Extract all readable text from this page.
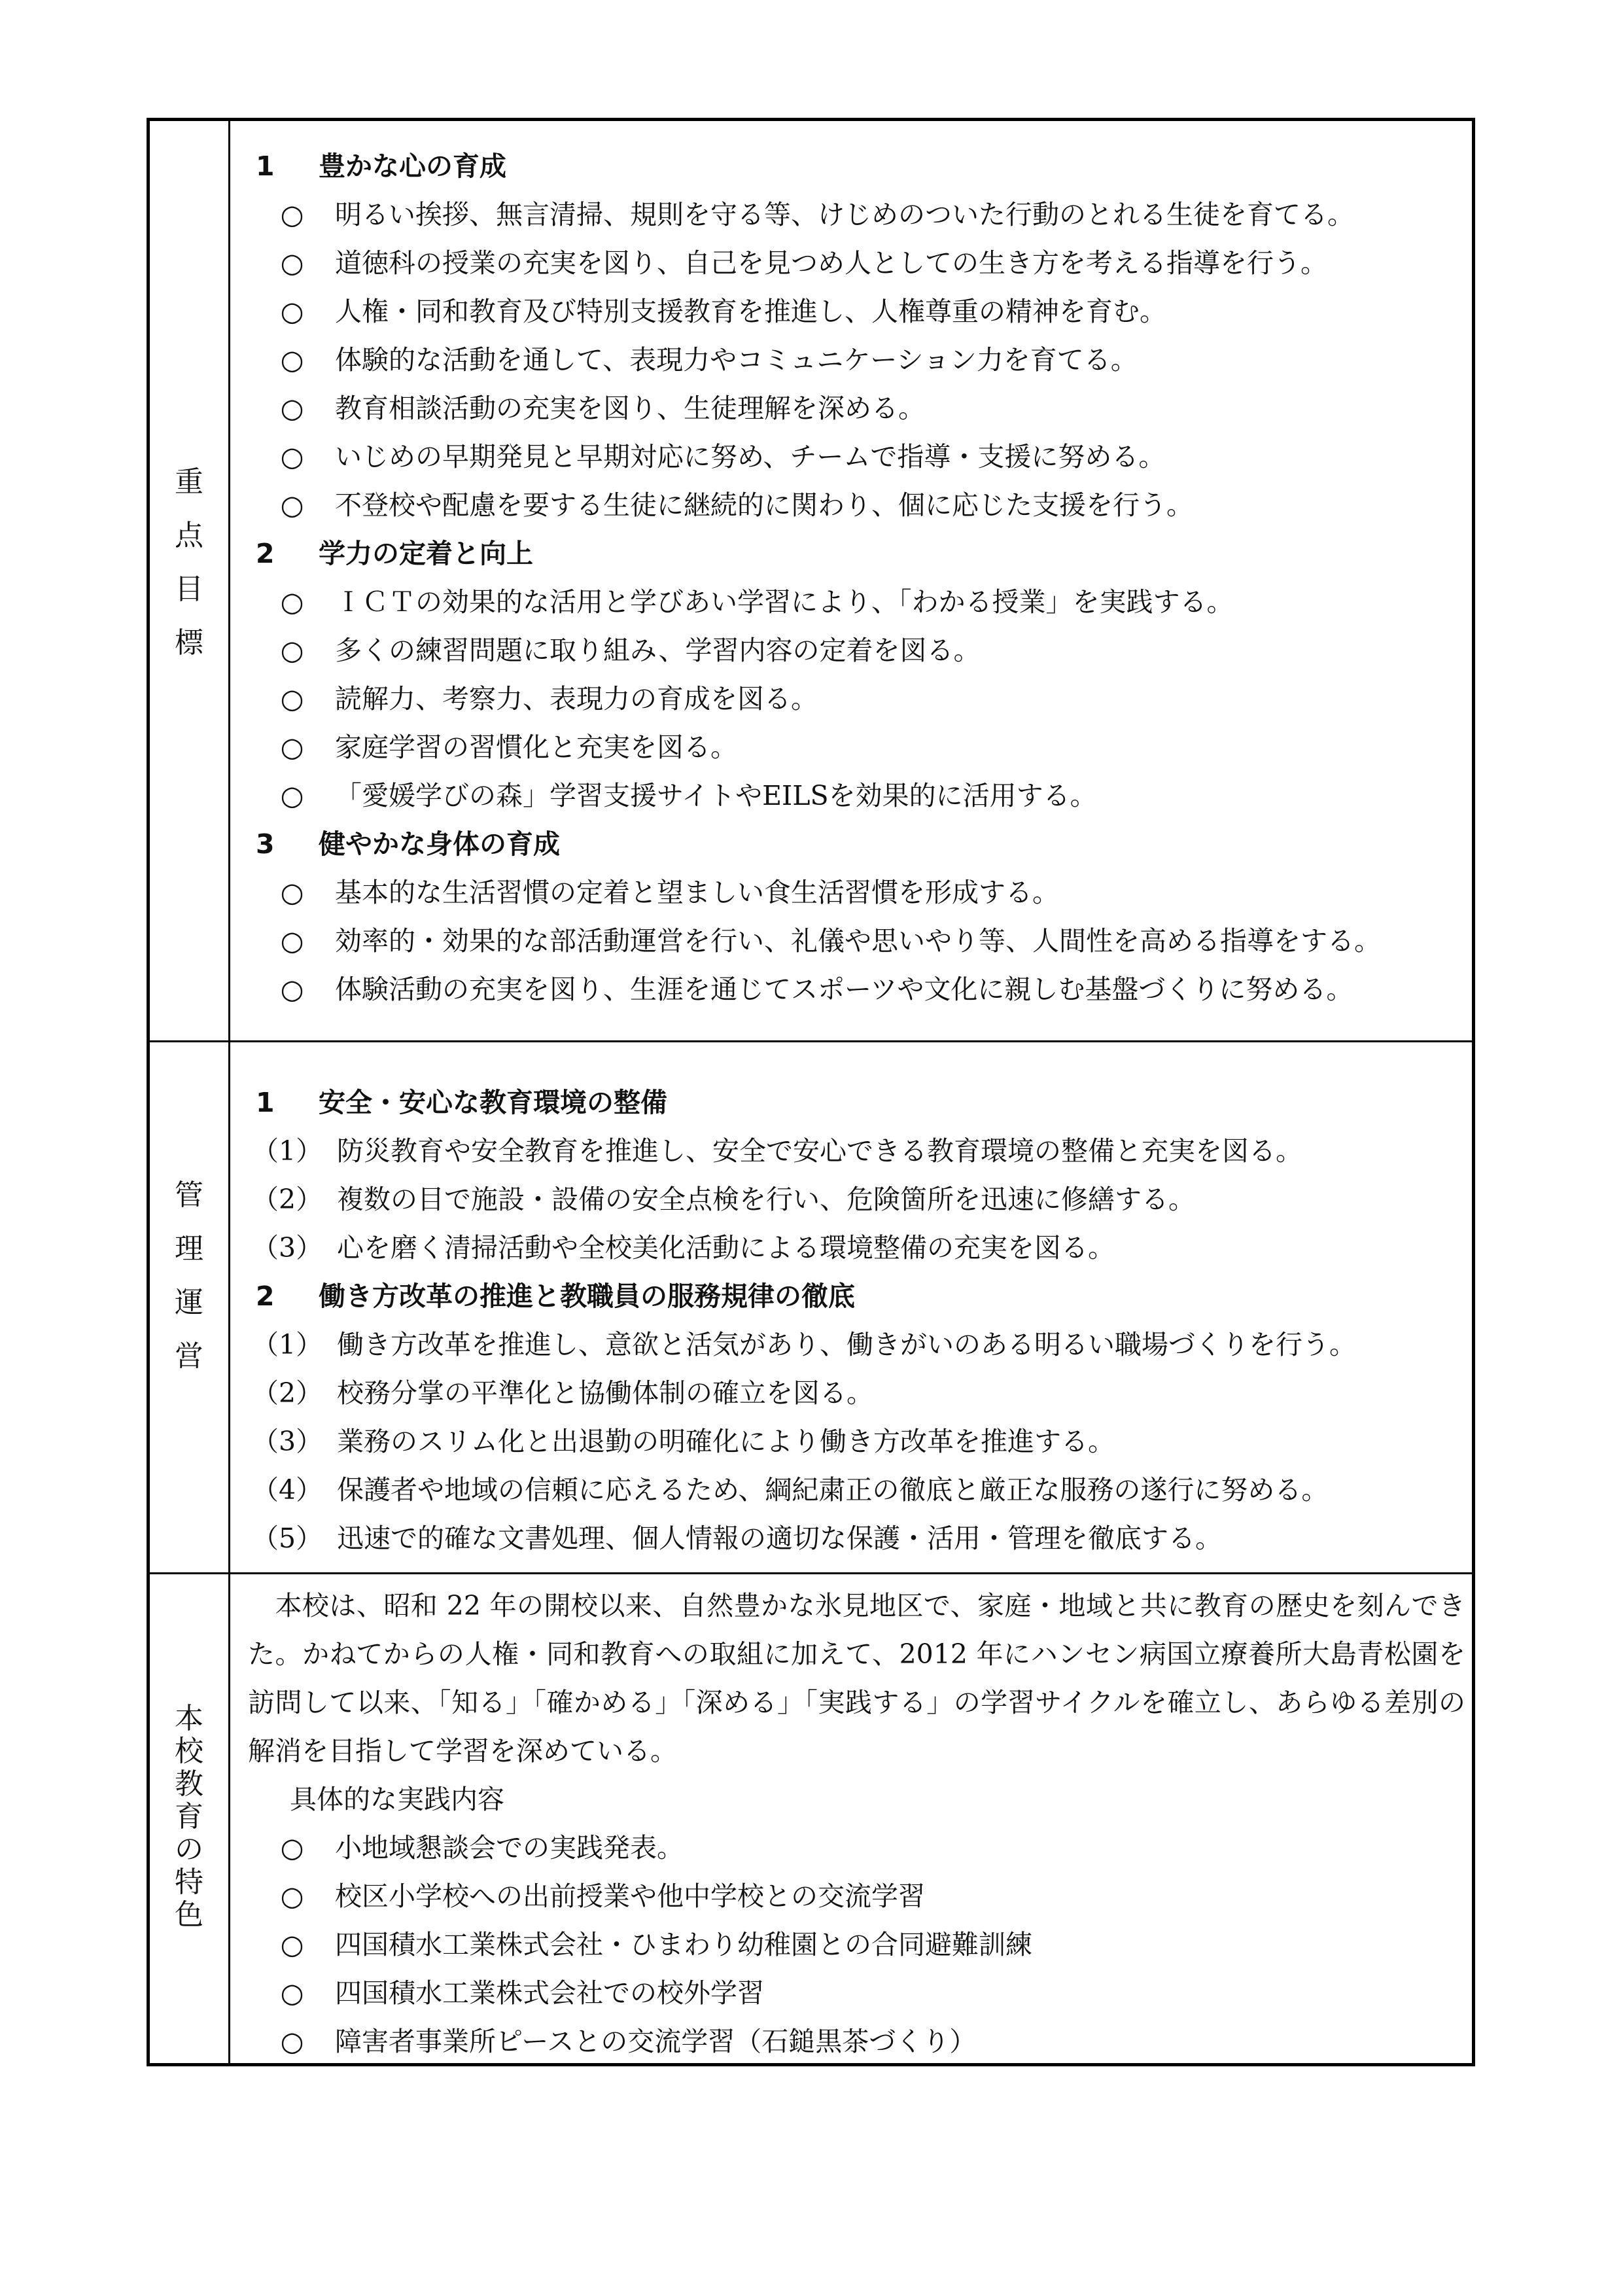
重
点
目
標
1 豊かな心の育成
○ 明るい挨拶、無言清掃、規則を守る等、けじめのついた行動のとれる生徒を育てる。
○ 道徳科の授業の充実を図り、自己を見つめ人としての生き方を考える指導を行う。
○ 人権・同和教育及び特別支援教育を推進し、人権尊重の精神を育む。
○ 体験的な活動を通して、表現力やコミュニケーション力を育てる。
○ 教育相談活動の充実を図り、生徒理解を深める。
○ いじめの早期発見と早期対応に努め、チームで指導・支援に努める。
○ 不登校や配慮を要する生徒に継続的に関わり、個に応じた支援を行う。
2 学力の定着と向上
○ ＩＣＴの効果的な活用と学びあい学習により、「わかる授業」を実践する。
○ 多くの練習問題に取り組み、学習内容の定着を図る。
○ 読解力、考察力、表現力の育成を図る。
○ 家庭学習の習慣化と充実を図る。
○ 「愛媛学びの森」学習支援サイトやEILSを効果的に活用する。
3 健やかな身体の育成
○ 基本的な生活習慣の定着と望ましい食生活習慣を形成する。
○ 効率的・効果的な部活動運営を行い、礼儀や思いやり等、人間性を高める指導をする。
○ 体験活動の充実を図り、生涯を通じてスポーツや文化に親しむ基盤づくりに努める。
管
理
運
営
1 安全・安心な教育環境の整備
（1） 防災教育や安全教育を推進し、安全で安心できる教育環境の整備と充実を図る。
（2） 複数の目で施設・設備の安全点検を行い、危険箇所を迅速に修繕する。
（3） 心を磨く清掃活動や全校美化活動による環境整備の充実を図る。
2 働き方改革の推進と教職員の服務規律の徹底
（1） 働き方改革を推進し、意欲と活気があり、働きがいのある明るい職場づくりを行う。
（2） 校務分掌の平準化と協働体制の確立を図る。
（3） 業務のスリム化と出退勤の明確化により働き方改革を推進する。
（4） 保護者や地域の信頼に応えるため、綱紀粛正の徹底と厳正な服務の遂行に努める。
（5） 迅速で的確な文書処理、個人情報の適切な保護・活用・管理を徹底する。
本
校
教
育
の
特
色
　本校は、昭和 22 年の開校以来、自然豊かな氷見地区で、家庭・地域と共に教育の歴史を刻んできた。かねてからの人権・同和教育への取組に加えて、2012 年にハンセン病国立療養所大島青松園を訪問して以来、「知る」「確かめる」「深める」「実践する」の学習サイクルを確立し、あらゆる差別の解消を目指して学習を深めている。
具体的な実践内容
○ 小地域懇談会での実践発表。
○ 校区小学校への出前授業や他中学校との交流学習
○ 四国積水工業株式会社・ひまわり幼稚園との合同避難訓練
○ 四国積水工業株式会社での校外学習
○ 障害者事業所ピースとの交流学習（石鎚黒茶づくり）
